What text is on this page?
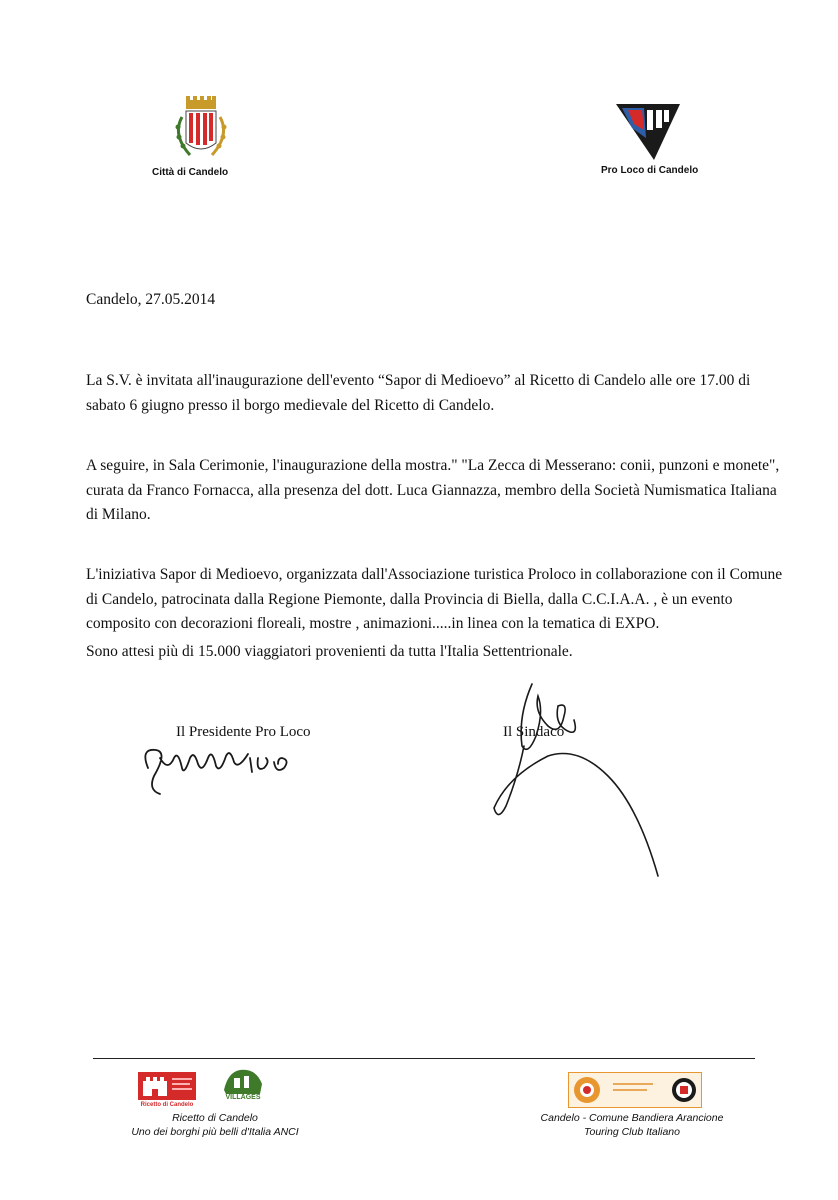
Città di Candelo	Pro Loco di Candelo
Candelo, 27.05.2014

La S.V. è invitata all'inaugurazione dell'evento “Sapor di Medioevo” al Ricetto di Candelo alle ore 17.00 di sabato 6 giugno presso il borgo medievale del Ricetto di Candelo.

A seguire, in Sala Cerimonie, l'inaugurazione della mostra." "La Zecca di Messerano: conii, punzoni e monete", curata da Franco Fornacca, alla presenza del dott. Luca Giannazza, membro della Società Numismatica Italiana di Milano.

L'iniziativa Sapor di Medioevo, organizzata dall'Associazione turistica Proloco in collaborazione con il Comune di Candelo, patrocinata dalla Regione Piemonte, dalla Provincia di Biella, dalla C.C.I.A.A. , è un evento composito con decorazioni floreali, mostre , animazioni.....in linea con la tematica di EXPO.

Sono attesi più di 15.000 viaggiatori provenienti da tutta l'Italia Settentrionale.

Il Presidente Pro Loco	Il Sindaco
Ricetto di Candelo
VILLAGES
Ricetto di Candelo
Uno dei borghi più belli d'Italia ANCI
Candelo - Comune Bandiera Arancione
Touring Club Italiano
